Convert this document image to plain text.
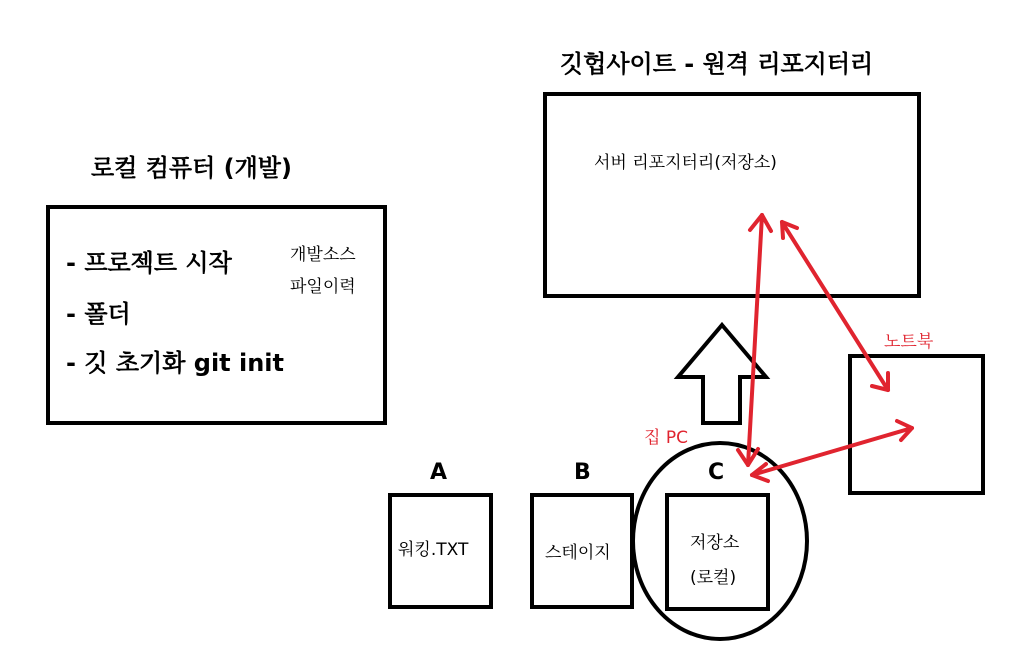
깃헙사이트 - 원격 리포지터리
서버 리포지터리(저장소)
로컬 컴퓨터 (개발)
- 프로젝트 시작
- 폴더
- 깃 초기화 git init
개발소스
파일이력
A	B	C
워킹.TXT	스테이지	저장소
(로컬)
집 PC
노트북
